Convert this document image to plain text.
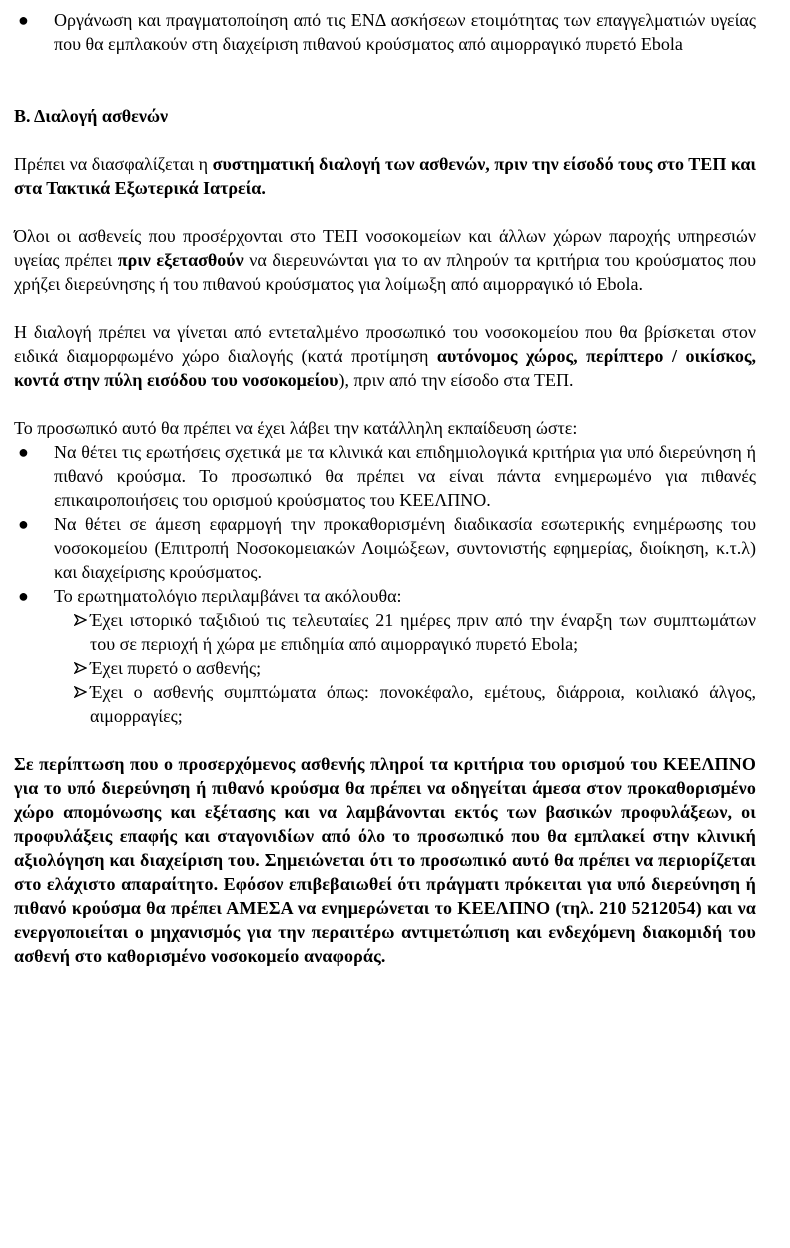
●	Οργάνωση και πραγματοποίηση από τις ΕΝΔ ασκήσεων ετοιμότητας των επαγγελματιών υγείας που θα εμπλακούν στη διαχείριση πιθανού κρούσματος από αιμορραγικό πυρετό Ebola

Β. Διαλογή ασθενών

Πρέπει να διασφαλίζεται η συστηματική διαλογή των ασθενών, πριν την είσοδό τους στο ΤΕΠ και στα Τακτικά Εξωτερικά Ιατρεία.

Όλοι οι ασθενείς που προσέρχονται στο ΤΕΠ νοσοκομείων και άλλων χώρων παροχής υπηρεσιών υγείας πρέπει πριν εξετασθούν να διερευνώνται για το αν πληρούν τα κριτήρια του κρούσματος που χρήζει διερεύνησης ή του πιθανού κρούσματος για λοίμωξη από αιμορραγικό ιό Ebola.

Η διαλογή πρέπει να γίνεται από εντεταλμένο προσωπικό του νοσοκομείου που θα βρίσκεται στον ειδικά διαμορφωμένο χώρο διαλογής (κατά προτίμηση αυτόνομος χώρος, περίπτερο / οικίσκος, κοντά στην πύλη εισόδου του νοσοκομείου), πριν από την είσοδο στα ΤΕΠ.

Το προσωπικό αυτό θα πρέπει να έχει λάβει την κατάλληλη εκπαίδευση ώστε:

●	Να θέτει τις ερωτήσεις σχετικά με τα κλινικά και επιδημιολογικά κριτήρια για υπό διερεύνηση ή πιθανό κρούσμα. Το προσωπικό θα πρέπει να είναι πάντα ενημερωμένο για πιθανές επικαιροποιήσεις του ορισμού κρούσματος του ΚΕΕΛΠΝΟ.
●	Να θέτει σε άμεση εφαρμογή την προκαθορισμένη διαδικασία εσωτερικής ενημέρωσης του νοσοκομείου (Επιτροπή Νοσοκομειακών Λοιμώξεων, συντονιστής εφημερίας, διοίκηση, κ.τ.λ) και διαχείρισης κρούσματος.
●	Το ερωτηματολόγιο περιλαμβάνει τα ακόλουθα:
Έχει ιστορικό ταξιδιού τις τελευταίες 21 ημέρες πριν από την έναρξη των συμπτωμάτων του σε περιοχή ή χώρα με επιδημία από αιμορραγικό πυρετό Ebola;
Έχει πυρετό ο ασθενής;
Έχει ο ασθενής συμπτώματα όπως: πονοκέφαλο, εμέτους, διάρροια, κοιλιακό άλγος, αιμορραγίες;

Σε περίπτωση που ο προσερχόμενος ασθενής πληροί τα κριτήρια του ορισμού του ΚΕΕΛΠΝΟ για το υπό διερεύνηση ή πιθανό κρούσμα θα πρέπει να οδηγείται άμεσα στον προκαθορισμένο χώρο απομόνωσης και εξέτασης και να λαμβάνονται εκτός των βασικών προφυλάξεων, οι προφυλάξεις επαφής και σταγονιδίων από όλο το προσωπικό που θα εμπλακεί στην κλινική αξιολόγηση και διαχείριση του. Σημειώνεται ότι το προσωπικό αυτό θα πρέπει να περιορίζεται στο ελάχιστο απαραίτητο. Εφόσον επιβεβαιωθεί ότι πράγματι πρόκειται για υπό διερεύνηση ή πιθανό κρούσμα θα πρέπει ΑΜΕΣΑ να ενημερώνεται το ΚΕΕΛΠΝΟ (τηλ. 210 5212054) και να ενεργοποιείται ο μηχανισμός για την περαιτέρω αντιμετώπιση και ενδεχόμενη διακομιδή του ασθενή στο καθορισμένο νοσοκομείο αναφοράς.
